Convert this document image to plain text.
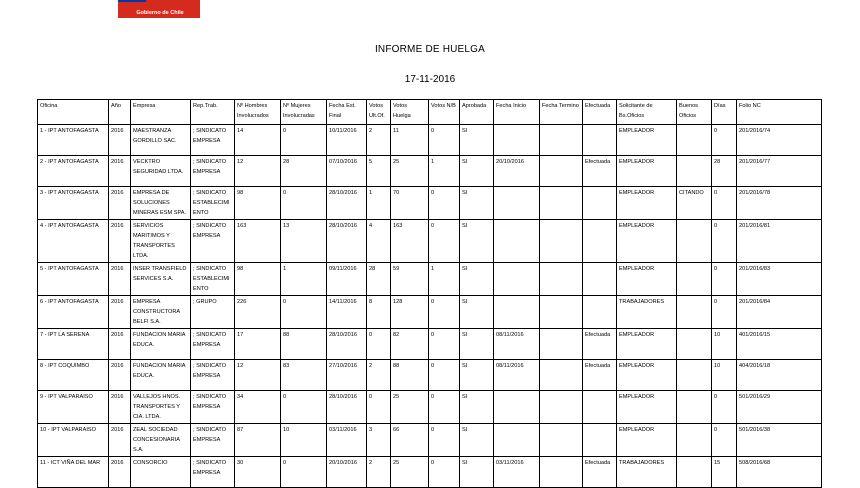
Gobierno de Chile
INFORME DE HUELGA
17-11-2016
Oficina	Año	Empresa	Rep.Trab.	Nº Hombres Involucrados	Nº Mujeres Involucradas	Fecha Est. Final	Votos Ult.Of.	Votos Huelga	Votos N/B	Aprobada	Fecha Inicio	Fecha Termino	Efectuada	Solicitante de Bs.Oficios	Buenos Oficios	Días	Folio NC
1 - IPT ANTOFAGASTA	2016	MAESTRANZA GORDILLO SAC.	; SINDICATO EMPRESA	14	0	10/11/2016	2	11	0	SI				EMPLEADOR		0	201/2016/74
2 - IPT ANTOFAGASTA	2016	VECKTRO SEGURIDAD LTDA.	; SINDICATO EMPRESA	12	28	07/10/2016	5	25	1	SI	20/10/2016		Efectuada	EMPLEADOR		28	201/2016/77
3 - IPT ANTOFAGASTA	2016	EMPRESA DE SOLUCIONES MINERAS ESM SPA.	; SINDICATO ESTABLECIMIENTO	98	0	28/10/2016	1	70	0	SI				EMPLEADOR	CITANDO	0	201/2016/78
4 - IPT ANTOFAGASTA	2016	SERVICIOS MARITIMOS Y TRANSPORTES LTDA.	; SINDICATO EMPRESA	163	13	28/10/2016	4	163	0	SI				EMPLEADOR		0	201/2016/81
5 - IPT ANTOFAGASTA	2016	INSER TRANSFIELD SERVICES S.A.	; SINDICATO ESTABLECIMIENTO	98	1	09/11/2016	28	59	1	SI				EMPLEADOR		0	201/2016/83
6 - IPT ANTOFAGASTA	2016	EMPRESA CONSTRUCTORA BELFI S.A.	; GRUPO	226	0	14/11/2016	8	128	0	SI				TRABAJADORES		0	201/2016/84
7 - IPT LA SERENA	2016	FUNDACION MARIA EDUCA.	; SINDICATO EMPRESA	17	88	28/10/2016	0	82	0	SI	08/11/2016		Efectuada	EMPLEADOR		10	401/2016/15
8 - IPT COQUIMBO	2016	FUNDACION MARIA EDUCA.	; SINDICATO EMPRESA	12	83	27/10/2016	2	88	0	SI	08/11/2016		Efectuada	EMPLEADOR		10	404/2016/18
9 - IPT VALPARAISO	2016	VALLEJOS HNOS. TRANSPORTES Y CIA. LTDA.	; SINDICATO EMPRESA	34	0	28/10/2016	0	25	0	SI				EMPLEADOR		0	501/2016/29
10 - IPT VALPARAISO	2016	ZEAL SOCIEDAD CONCESIONARIA S.A.	; SINDICATO EMPRESA	87	10	03/11/2016	3	66	0	SI				EMPLEADOR		0	501/2016/38
11 - ICT VIÑA DEL MAR	2016	CONSORCIO	; SINDICATO EMPRESA	30	0	20/10/2016	2	25	0	SI	03/11/2016		Efectuada	TRABAJADORES		15	508/2016/68
